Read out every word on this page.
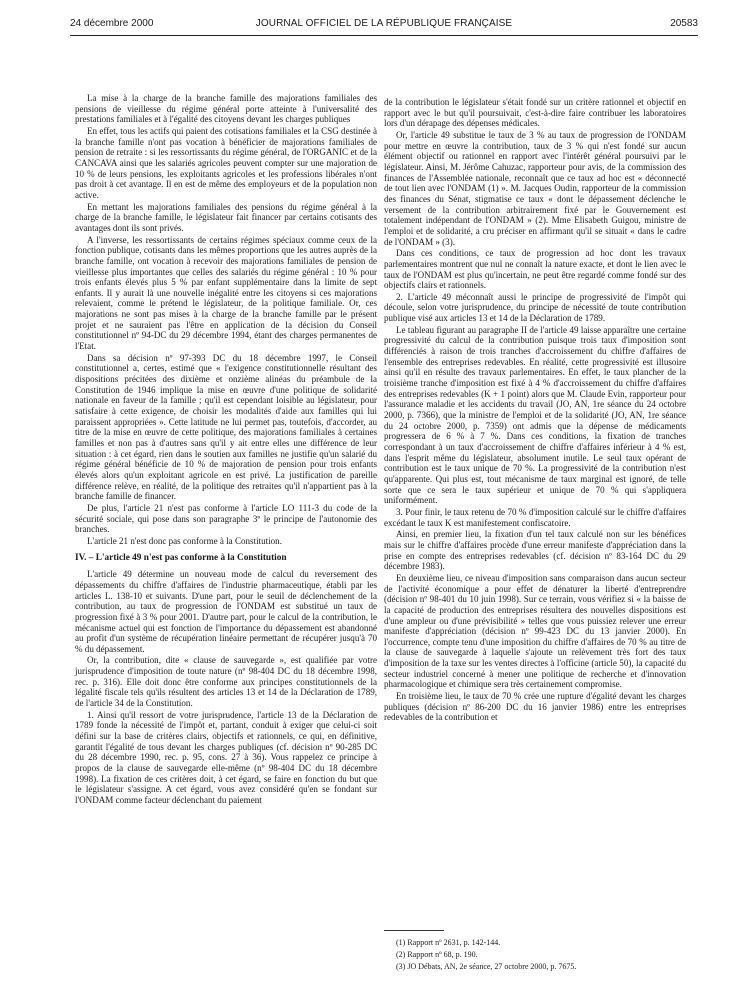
24 décembre 2000	JOURNAL OFFICIEL DE LA RÉPUBLIQUE FRANÇAISE	20583

La mise à la charge de la branche famille des majorations familiales des pensions de vieillesse du régime général porte atteinte à l'universalité des prestations familiales et à l'égalité des citoyens devant les charges publiques

En effet, tous les actifs qui paient des cotisations familiales et la CSG destinée à la branche famille n'ont pas vocation à bénéficier de majorations familiales de pension de retraite : si les ressortissants du régime général, de l'ORGANIC et de la CANCAVA ainsi que les salariés agricoles peuvent compter sur une majoration de 10 % de leurs pensions, les exploitants agricoles et les professions libérales n'ont pas droit à cet avantage. Il en est de même des employeurs et de la population non active.

En mettant les majorations familiales des pensions du régime général à la charge de la branche famille, le législateur fait financer par certains cotisants des avantages dont ils sont privés.

A l'inverse, les ressortissants de certains régimes spéciaux comme ceux de la fonction publique, cotisants dans les mêmes proportions que les autres auprès de la branche famille, ont vocation à recevoir des majorations familiales de pension de vieillesse plus importantes que celles des salariés du régime général : 10 % pour trois enfants élevés plus 5 % par enfant supplémentaire dans la limite de sept enfants. Il y aurait là une nouvelle inégalité entre les citoyens si ces majorations relevaient, comme le prétend le législateur, de la politique familiale. Or, ces majorations ne sont pas mises à la charge de la branche famille par le présent projet et ne sauraient pas l'être en application de la décision du Conseil constitutionnel nº 94-DC du 29 décembre 1994, étant des charges permanentes de l'Etat.

Dans sa décision nº 97-393 DC du 18 décembre 1997, le Conseil constitutionnel a, certes, estimé que « l'exigence constitutionnelle résultant des dispositions précitées des dixième et onzième alinéas du préambule de la Constitution de 1946 implique la mise en œuvre d'une politique de solidarité nationale en faveur de la famille ; qu'il est cependant loisible au législateur, pour satisfaire à cette exigence, de choisir les modalités d'aide aux familles qui lui paraissent appropriées ». Cette latitude ne lui permet pas, toutefois, d'accorder, au titre de la mise en œuvre de cette politique, des majorations familiales à certaines familles et non pas à d'autres sans qu'il y ait entre elles une différence de leur situation : à cet égard, rien dans le soutien aux familles ne justifie qu'un salarié du régime général bénéficie de 10 % de majoration de pension pour trois enfants élevés alors qu'un exploitant agricole en est privé. La justification de pareille différence relève, en réalité, de la politique des retraites qu'il n'appartient pas à la branche famille de financer.

De plus, l'article 21 n'est pas conforme à l'article LO 111-3 du code de la sécurité sociale, qui pose dans son paragraphe 3º le principe de l'autonomie des branches.

L'article 21 n'est donc pas conforme à la Constitution.

IV. – L'article 49 n'est pas conforme à la Constitution

L'article 49 détermine un nouveau mode de calcul du reversement des dépassements du chiffre d'affaires de l'industrie pharmaceutique, établi par les articles L. 138-10 et suivants. D'une part, pour le seuil de déclenchement de la contribution, au taux de progression de l'ONDAM est substitué un taux de progression fixé à 3 % pour 2001. D'autre part, pour le calcul de la contribution, le mécanisme actuel qui est fonction de l'importance du dépassement est abandonné au profit d'un système de récupération linéaire permettant de récupérer jusqu'à 70 % du dépassement.

Or, la contribution, dite « clause de sauvegarde », est qualifiée par votre jurisprudence d'imposition de toute nature (nº 98-404 DC du 18 décembre 1998, rec. p. 316). Elle doit donc être conforme aux principes constitutionnels de la légalité fiscale tels qu'ils résultent des articles 13 et 14 de la Déclaration de 1789, de l'article 34 de la Constitution.

1. Ainsi qu'il ressort de votre jurisprudence, l'article 13 de la Déclaration de 1789 fonde la nécessité de l'impôt et, partant, conduit à exiger que celui-ci soit défini sur la base de critères clairs, objectifs et rationnels, ce qui, en définitive, garantit l'égalité de tous devant les charges publiques (cf. décision nº 90-285 DC du 28 décembre 1990, rec. p. 95, cons. 27 à 36). Vous rappelez ce principe à propos de la clause de sauvegarde elle-même (nº 98-404 DC du 18 décembre 1998). La fixation de ces critères doit, à cet égard, se faire en fonction du but que le législateur s'assigne. A cet égard, vous avez considéré qu'en se fondant sur l'ONDAM comme facteur déclenchant du paiement

de la contribution le législateur s'était fondé sur un critère rationnel et objectif en rapport avec le but qu'il poursuivait, c'est-à-dire faire contribuer les laboratoires lors d'un dérapage des dépenses médicales.

Or, l'article 49 substitue le taux de 3 % au taux de progression de l'ONDAM pour mettre en œuvre la contribution, taux de 3 % qui n'est fondé sur aucun élément objectif ou rationnel en rapport avec l'intérêt général poursuivi par le législateur. Ainsi, M. Jérôme Cahuzac, rapporteur pour avis, de la commission des finances de l'Assemblée nationale, reconnaît que ce taux ad hoc est « déconnecté de tout lien avec l'ONDAM (1) ». M. Jacques Oudin, rapporteur de la commission des finances du Sénat, stigmatise ce taux « dont le dépassement déclenche le versement de la contribution arbitrairement fixé par le Gouvernement est totalement indépendant de l'ONDAM » (2). Mme Elisabeth Guigou, ministre de l'emploi et de solidarité, a cru préciser en affirmant qu'il se situait « dans le cadre de l'ONDAM » (3).

Dans ces conditions, ce taux de progression ad hoc dont les travaux parlementaires montrent que nul ne connaît la nature exacte, et dont le lien avec le taux de l'ONDAM est plus qu'incertain, ne peut être regardé comme fondé sur des objectifs clairs et rationnels.

2. L'article 49 méconnaît aussi le principe de progressivité de l'impôt qui découle, selon votre jurisprudence, du principe de nécessité de toute contribution publique visé aux articles 13 et 14 de la Déclaration de 1789.

Le tableau figurant au paragraphe II de l'article 49 laisse apparaître une certaine progressivité du calcul de la contribution puisque trois taux d'imposition sont différenciés à raison de trois tranches d'accroissement du chiffre d'affaires de l'ensemble des entreprises redevables. En réalité, cette progressivité est illusoire ainsi qu'il en résulte des travaux parlementaires. En effet, le taux plancher de la troisième tranche d'imposition est fixé à 4 % d'accroissement du chiffre d'affaires des entreprises redevables (K + 1 point) alors que M. Claude Evin, rapporteur pour l'assurance maladie et les accidents du travail (JO, AN, 1re séance du 24 octobre 2000, p. 7366), que la ministre de l'emploi et de la solidarité (JO, AN, 1re séance du 24 octobre 2000, p. 7359) ont admis que la dépense de médicaments progressera de 6 % à 7 %. Dans ces conditions, la fixation de tranches correspondant à un taux d'accroissement de chiffre d'affaires inférieur à 4 % est, dans l'esprit même du législateur, absolument inutile. Le seul taux opérant de contribution est le taux unique de 70 %. La progressivité de la contribution n'est qu'apparente. Qui plus est, tout mécanisme de taux marginal est ignoré, de telle sorte que ce sera le taux supérieur et unique de 70 % qui s'appliquera uniformément.

3. Pour finir, le taux retenu de 70 % d'imposition calculé sur le chiffre d'affaires excédant le taux K est manifestement confiscatoire.

Ainsi, en premier lieu, la fixation d'un tel taux calculé non sur les bénéfices mais sur le chiffre d'affaires procède d'une erreur manifeste d'appréciation dans la prise en compte des entreprises redevables (cf. décision nº 83-164 DC du 29 décembre 1983).

En deuxième lieu, ce niveau d'imposition sans comparaison dans aucun secteur de l'activité économique a pour effet de dénaturer la liberté d'entreprendre (décision nº 98-401 du 10 juin 1998). Sur ce terrain, vous vérifiez si « la baisse de la capacité de production des entreprises résultera des nouvelles dispositions est d'une ampleur ou d'une prévisibilité » telles que vous puissiez relever une erreur manifeste d'appréciation (décision nº 99-423 DC du 13 janvier 2000). En l'occurrence, compte tenu d'une imposition du chiffre d'affaires de 70 % au titre de la clause de sauvegarde à laquelle s'ajoute un relèvement très fort des taux d'imposition de la taxe sur les ventes directes à l'officine (article 50), la capacité du secteur industriel concerné à mener une politique de recherche et d'innovation pharmacologique et chimique sera très certainement compromise.

En troisième lieu, le taux de 70 % crée une rupture d'égalité devant les charges publiques (décision nº 86-200 DC du 16 janvier 1986) entre les entreprises redevables de la contribution et

(1) Rapport nº 2631, p. 142-144.
(2) Rapport nº 68, p. 190.
(3) JO Débats, AN, 2e séance, 27 octobre 2000, p. 7675.
